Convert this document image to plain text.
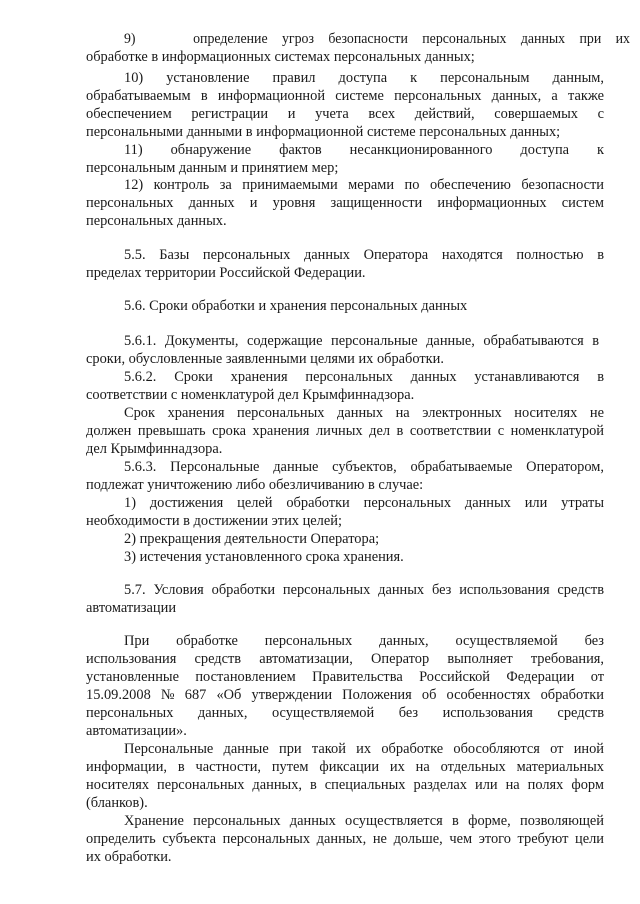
9)    определение угроз безопасности персональных данных при их
обработке в информационных системах персональных данных;
10) установление правил доступа к персональным данным,
обрабатываемым в информационной системе персональных данных, а также
обеспечением регистрации и учета всех действий, совершаемых с
персональными данными в информационной системе персональных данных;
11) обнаружение фактов несанкционированного доступа к
персональным данным и принятием мер;
12) контроль за принимаемыми мерами по обеспечению безопасности
персональных данных и уровня защищенности информационных систем
персональных данных.
5.5. Базы персональных данных Оператора находятся полностью в
пределах территории Российской Федерации.
5.6. Сроки обработки и хранения персональных данных
5.6.1. Документы, содержащие персональные данные, обрабатываются в
сроки, обусловленные заявленными целями их обработки.
5.6.2. Сроки хранения персональных данных устанавливаются в
соответствии с номенклатурой дел Крымфиннадзора.
Срок хранения персональных данных на электронных носителях не
должен превышать срока хранения личных дел в соответствии с номенклатурой
дел Крымфиннадзора.
5.6.3. Персональные данные субъектов, обрабатываемые Оператором,
подлежат уничтожению либо обезличиванию в случае:
1) достижения целей обработки персональных данных или утраты
необходимости в достижении этих целей;
2) прекращения деятельности Оператора;
3) истечения установленного срока хранения.
5.7. Условия обработки персональных данных без использования средств
автоматизации
При обработке персональных данных, осуществляемой без
использования средств автоматизации, Оператор выполняет требования,
установленные постановлением Правительства Российской Федерации от
15.09.2008 № 687 «Об утверждении Положения об особенностях обработки
персональных данных, осуществляемой без использования средств
автоматизации».
Персональные данные при такой их обработке обособляются от иной
информации, в частности, путем фиксации их на отдельных материальных
носителях персональных данных, в специальных разделах или на полях форм
(бланков).
Хранение персональных данных осуществляется в форме, позволяющей
определить субъекта персональных данных, не дольше, чем этого требуют цели
их обработки.
